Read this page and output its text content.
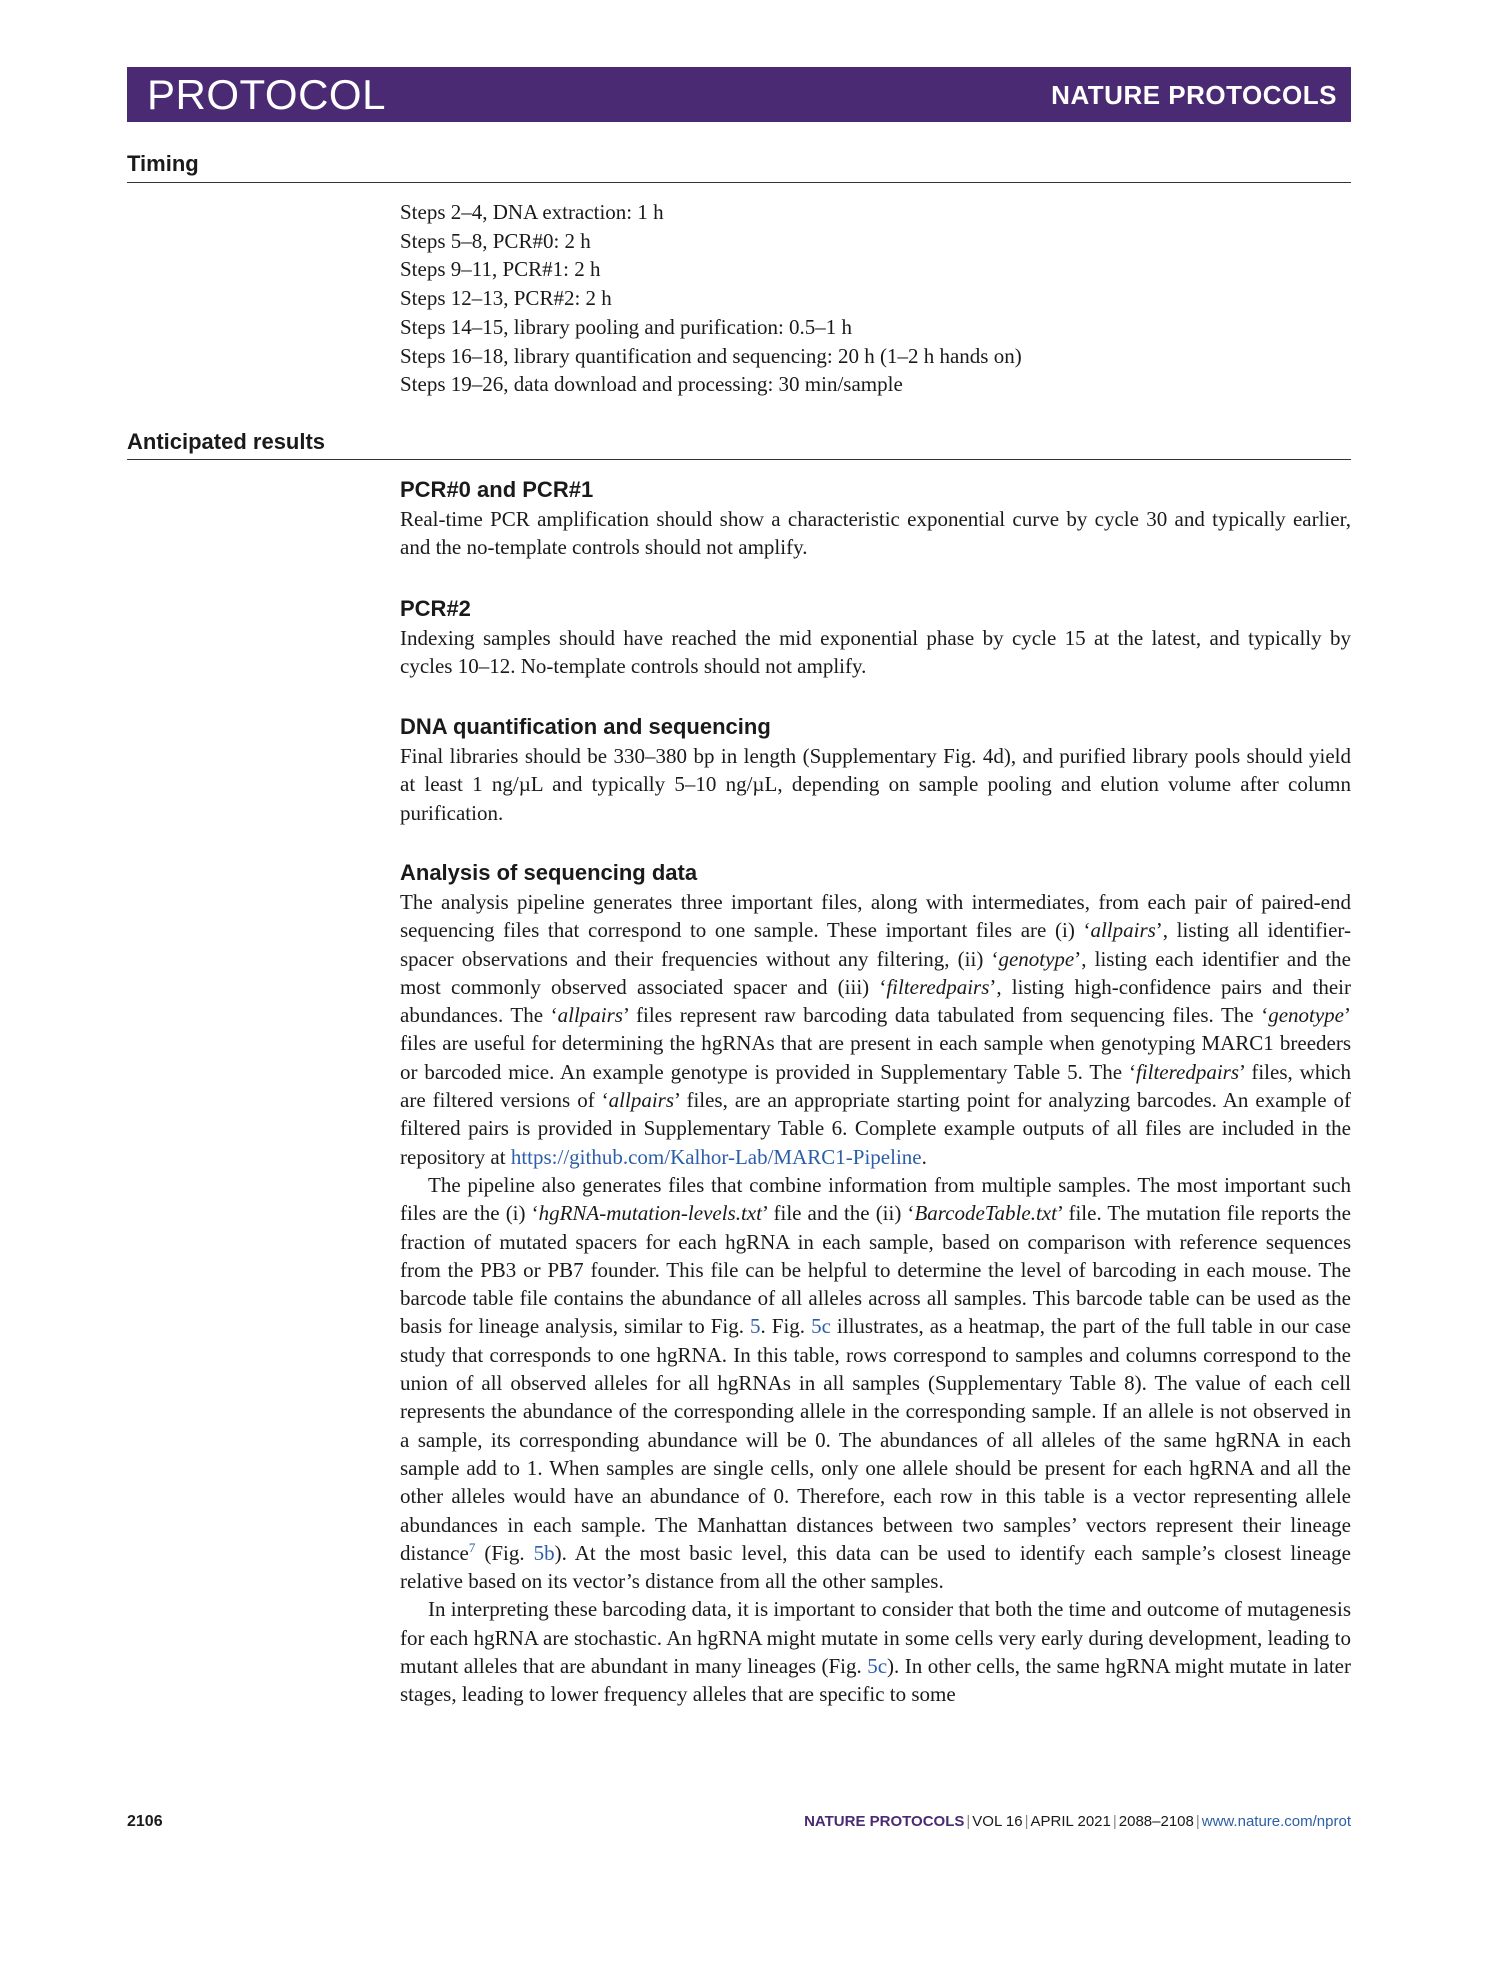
PROTOCOL	NATURE PROTOCOLS
Timing
Steps 2–4, DNA extraction: 1 h
Steps 5–8, PCR#0: 2 h
Steps 9–11, PCR#1: 2 h
Steps 12–13, PCR#2: 2 h
Steps 14–15, library pooling and purification: 0.5–1 h
Steps 16–18, library quantification and sequencing: 20 h (1–2 h hands on)
Steps 19–26, data download and processing: 30 min/sample
Anticipated results
PCR#0 and PCR#1

Real-time PCR amplification should show a characteristic exponential curve by cycle 30 and typically earlier, and the no-template controls should not amplify.

PCR#2

Indexing samples should have reached the mid exponential phase by cycle 15 at the latest, and typically by cycles 10–12. No-template controls should not amplify.

DNA quantification and sequencing

Final libraries should be 330–380 bp in length (Supplementary Fig. 4d), and purified library pools should yield at least 1 ng/µL and typically 5–10 ng/µL, depending on sample pooling and elution volume after column purification.

Analysis of sequencing data

The analysis pipeline generates three important files, along with intermediates, from each pair of paired-end sequencing files that correspond to one sample. These important files are (i) ‘allpairs’, listing all identifier-spacer observations and their frequencies without any filtering, (ii) ‘genotype’, listing each identifier and the most commonly observed associated spacer and (iii) ‘filteredpairs’, listing high-confidence pairs and their abundances. The ‘allpairs’ files represent raw barcoding data tabulated from sequencing files. The ‘genotype’ files are useful for determining the hgRNAs that are present in each sample when genotyping MARC1 breeders or barcoded mice. An example genotype is provided in Supplementary Table 5. The ‘filteredpairs’ files, which are filtered versions of ‘allpairs’ files, are an appropriate starting point for analyzing barcodes. An example of filtered pairs is provided in Supplementary Table 6. Complete example outputs of all files are included in the repository at https://github.com/Kalhor-Lab/MARC1-Pipeline.

The pipeline also generates files that combine information from multiple samples. The most important such files are the (i) ‘hgRNA-mutation-levels.txt’ file and the (ii) ‘BarcodeTable.txt’ file. The mutation file reports the fraction of mutated spacers for each hgRNA in each sample, based on comparison with reference sequences from the PB3 or PB7 founder. This file can be helpful to determine the level of barcoding in each mouse. The barcode table file contains the abundance of all alleles across all samples. This barcode table can be used as the basis for lineage analysis, similar to Fig. 5. Fig. 5c illustrates, as a heatmap, the part of the full table in our case study that corresponds to one hgRNA. In this table, rows correspond to samples and columns correspond to the union of all observed alleles for all hgRNAs in all samples (Supplementary Table 8). The value of each cell represents the abundance of the corresponding allele in the corresponding sample. If an allele is not observed in a sample, its corresponding abundance will be 0. The abundances of all alleles of the same hgRNA in each sample add to 1. When samples are single cells, only one allele should be present for each hgRNA and all the other alleles would have an abundance of 0. Therefore, each row in this table is a vector representing allele abundances in each sample. The Manhattan distances between two samples’ vectors represent their lineage distance$^7$ (Fig. 5b). At the most basic level, this data can be used to identify each sample’s closest lineage relative based on its vector’s distance from all the other samples.

In interpreting these barcoding data, it is important to consider that both the time and outcome of mutagenesis for each hgRNA are stochastic. An hgRNA might mutate in some cells very early during development, leading to mutant alleles that are abundant in many lineages (Fig. 5c). In other cells, the same hgRNA might mutate in later stages, leading to lower frequency alleles that are specific to some

2106	NATURE PROTOCOLS | VOL 16 | APRIL 2021 | 2088–2108 | www.nature.com/nprot
